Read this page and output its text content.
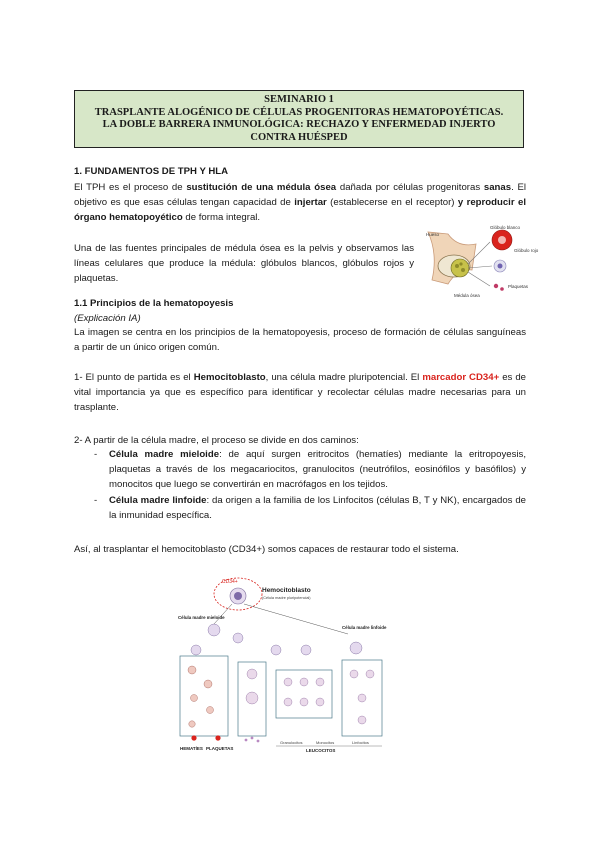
SEMINARIO 1
TRASPLANTE ALOGÉNICO DE CÉLULAS PROGENITORAS HEMATOPOYÉTICAS.
LA DOBLE BARRERA INMUNOLÓGICA: RECHAZO Y ENFERMEDAD INJERTO
CONTRA HUÉSPED
1. FUNDAMENTOS DE TPH Y HLA
El TPH es el proceso de sustitución de una médula ósea dañada por células progenitoras sanas. El objetivo es que esas células tengan capacidad de injertar (establecerse en el receptor) y reproducir el órgano hematopoyético de forma integral.
Una de las fuentes principales de médula ósea es la pelvis y observamos las líneas celulares que produce la médula: glóbulos blancos, glóbulos rojos y plaquetas.
Glóbulo blanco
Glóbulo rojo
Plaquetas
Hueso
Médula ósea
1.1 Principios de la hematopoyesis
(Explicación IA)
La imagen se centra en los principios de la hematopoyesis, proceso de formación de células sanguíneas a partir de un único origen común.
1- El punto de partida es el Hemocitoblasto, una célula madre pluripotencial. El marcador CD34+ es de vital importancia ya que es específico para identificar y recolectar células madre necesarias para un trasplante.
2- A partir de la célula madre, el proceso se divide en dos caminos:
- Célula madre mieloide: de aquí surgen eritrocitos (hematíes) mediante la eritropoyesis, plaquetas a través de los megacariocitos, granulocitos (neutrófilos, eosinófilos y basófilos) y monocitos que luego se convertirán en macrófagos en los tejidos.
- Célula madre linfoide: da origen a la familia de los Linfocitos (células B, T y NK), encargados de la inmunidad específica.
Así, al trasplantar el hemocitoblasto (CD34+) somos capaces de restaurar todo el sistema.
CD34+
Hemocitoblasto
(Célula madre pluripotencial)
Célula madre mieloide
Célula madre linfoide
HEMATÍES PLAQUETAS
Granulocitos	Monocitos	Linfocitos
LEUCOCITOS
